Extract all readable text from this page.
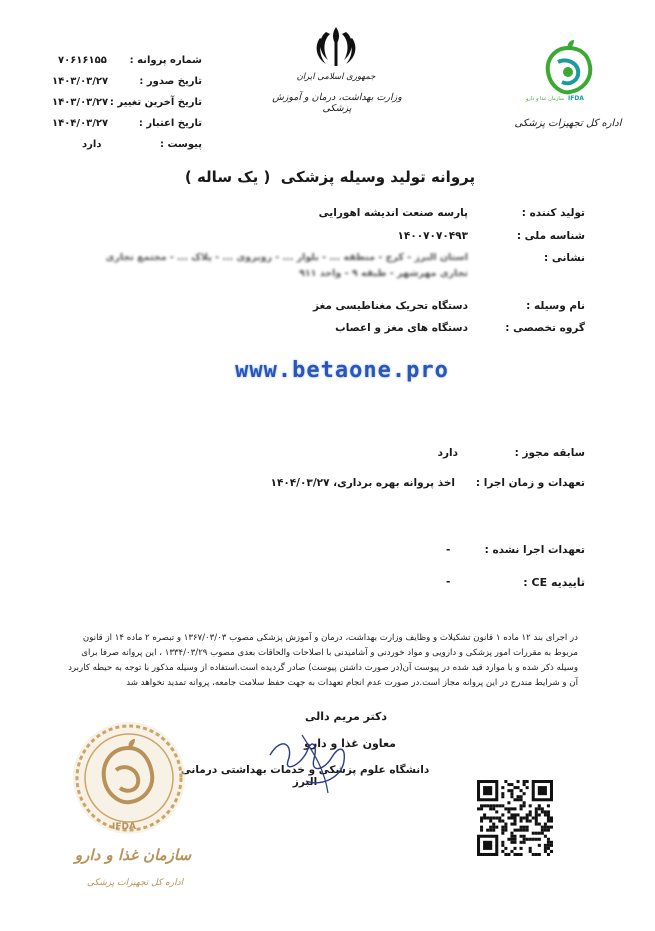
شماره پروانه :
تاریخ صدور :
تاریخ آخرین تغییر :
تاریخ اعتبار :
پیوست :
۷۰۶۱۶۱۵۵
۱۴۰۳/۰۳/۲۷
۱۴۰۳/۰۳/۲۷
۱۴۰۴/۰۳/۲۷
دارد
جمهوری اسلامی ایران
وزارت بهداشت، درمان و آموزش پزشکی
سازمان غذا و دارو IFDA
اداره کل تجهیزات پزشکی
پروانه تولید وسیله پزشکی  ( یک ساله )
تولید کننده :
پارسه صنعت اندیشه اهورایی
شناسه ملی :
۱۴۰۰۷۰۷۰۴۹۳
نشانی :
استان البرز - کرج - منطقه ... - بلوار ... - روبروی ... - پلاک ... - مجتمع تجاری
تجاری مهرشهر - طبقه ۹ - واحد ۹۱۱
نام وسیله :
دستگاه تحریک مغناطیسی مغز
گروه تخصصی :
دستگاه های مغز و اعصاب
www.betaone.pro
سابقه مجوز :
دارد
تعهدات و زمان اجرا :
اخذ پروانه بهره برداری، ۱۴۰۴/۰۳/۲۷
تعهدات اجرا نشده :
-
تاییدیه CE :
-
در اجرای بند ۱۲ ماده ۱ قانون تشکیلات و وظایف وزارت بهداشت، درمان و آموزش پزشکی مصوب ۱۳۶۷/۰۳/۰۳ و تبصره ۲ ماده ۱۴ از قانون
مربوط به مقررات امور پزشکی و دارویی و مواد خوردنی و آشامیدنی با اصلاحات والحاقات بعدی مصوب ۱۳۳۴/۰۳/۲۹ ، این پروانه صرفا برای
وسیله ذکر شده و با موارد قید شده در پیوست آن(در صورت داشتن پیوست) صادر گردیده است.استفاده از وسیله مذکور با توجه به حیطه کاربرد
آن و شرایط مندرج در این پروانه مجاز است.در صورت عدم انجام تعهدات به جهت حفظ سلامت جامعه، پروانه تمدید نخواهد شد
دکتر مریم دالی
معاون غذا و دارو
دانشگاه علوم پزشکی و خدمات بهداشتی درمانی البرز
IFDA
سازمان غذا و دارو
اداره کل تجهیزات پزشکی
